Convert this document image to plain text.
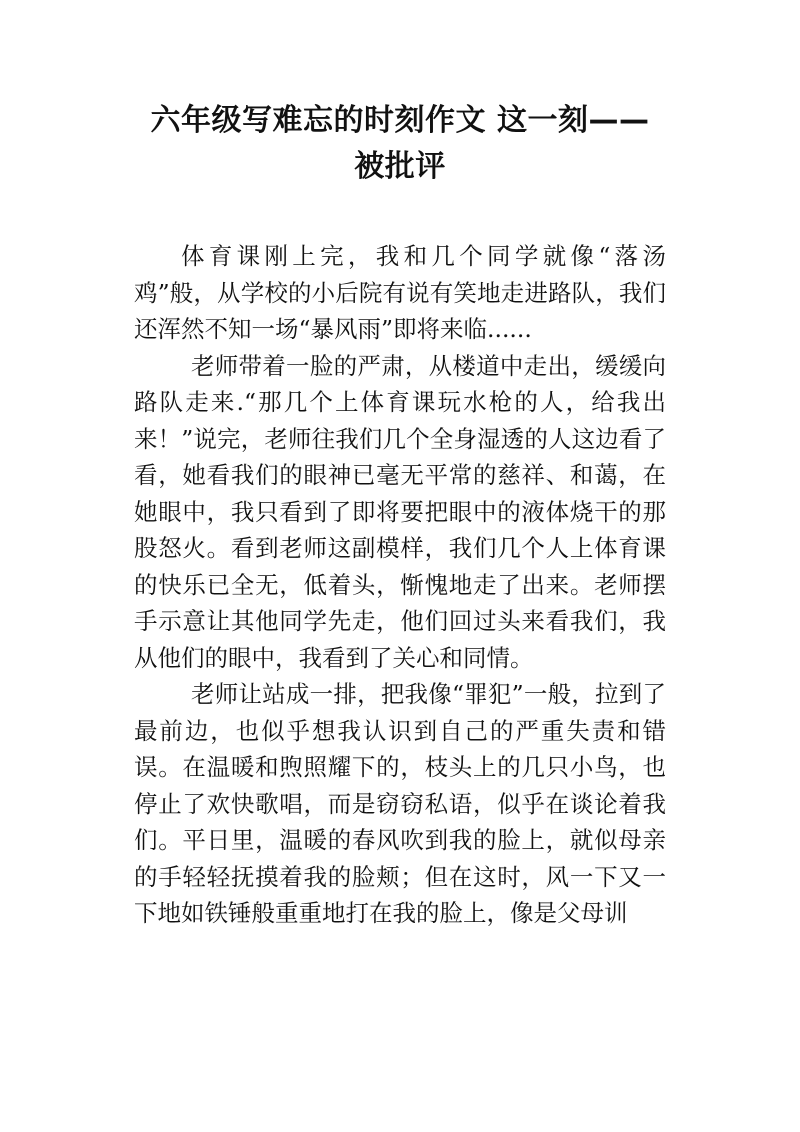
六年级写难忘的时刻作文 这一刻——
被批评

体育课刚上完，我和几个同学就像“落汤鸡”般，从学校的小后院有说有笑地走进路队，我们还浑然不知一场“暴风雨”即将来临......

老师带着一脸的严肃，从楼道中走出，缓缓向路队走来.“那几个上体育课玩水枪的人，给我出来！”说完，老师往我们几个全身湿透的人这边看了看，她看我们的眼神已毫无平常的慈祥、和蔼，在她眼中，我只看到了即将要把眼中的液体烧干的那股怒火。看到老师这副模样，我们几个人上体育课的快乐已全无，低着头，惭愧地走了出来。老师摆手示意让其他同学先走，他们回过头来看我们，我从他们的眼中，我看到了关心和同情。

老师让站成一排，把我像“罪犯”一般，拉到了最前边，也似乎想我认识到自己的严重失责和错误。在温暖和煦照耀下的，枝头上的几只小鸟，也停止了欢快歌唱，而是窃窃私语，似乎在谈论着我们。平日里，温暖的春风吹到我的脸上，就似母亲的手轻轻抚摸着我的脸颊；但在这时，风一下又一下地如铁锤般重重地打在我的脸上，像是父母训
